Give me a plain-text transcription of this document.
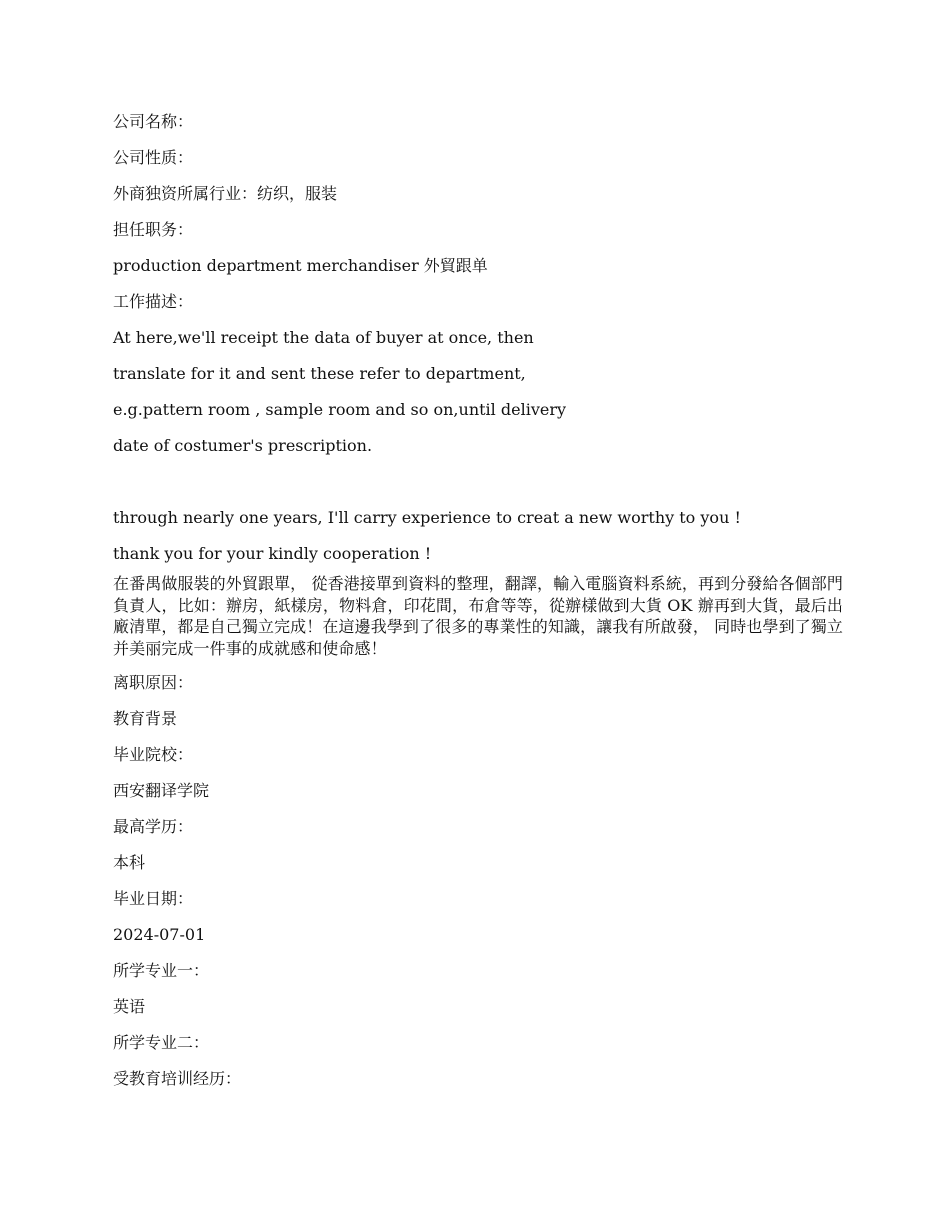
公司名称：
公司性质：
外商独资所属行业：纺织，服装
担任职务：
production department merchandiser 外貿跟单
工作描述：
At here,we'll receipt the data of buyer at once, then
translate for it and sent these refer to department,
e.g.pattern room , sample room and so on,until delivery
date of costumer's prescription.
through nearly one years, I'll carry experience to creat a new worthy to you !
thank you for your kindly cooperation !
在番禺做服裝的外貿跟單， 從香港接單到資料的整理，翻譯，輸入電腦資料系統，再到分發給各個部門負責人，比如：辦房，紙樣房，物料倉，印花間，布倉等等，從辦樣做到大貨 OK 辦再到大貨，最后出廠清單，都是自己獨立完成！在這邊我學到了很多的專業性的知識，讓我有所啟發， 同時也學到了獨立并美丽完成一件事的成就感和使命感！
离职原因：
教育背景
毕业院校：
西安翻译学院
最高学历：
本科
毕业日期：
2024-07-01
所学专业一：
英语
所学专业二：
受教育培训经历：
